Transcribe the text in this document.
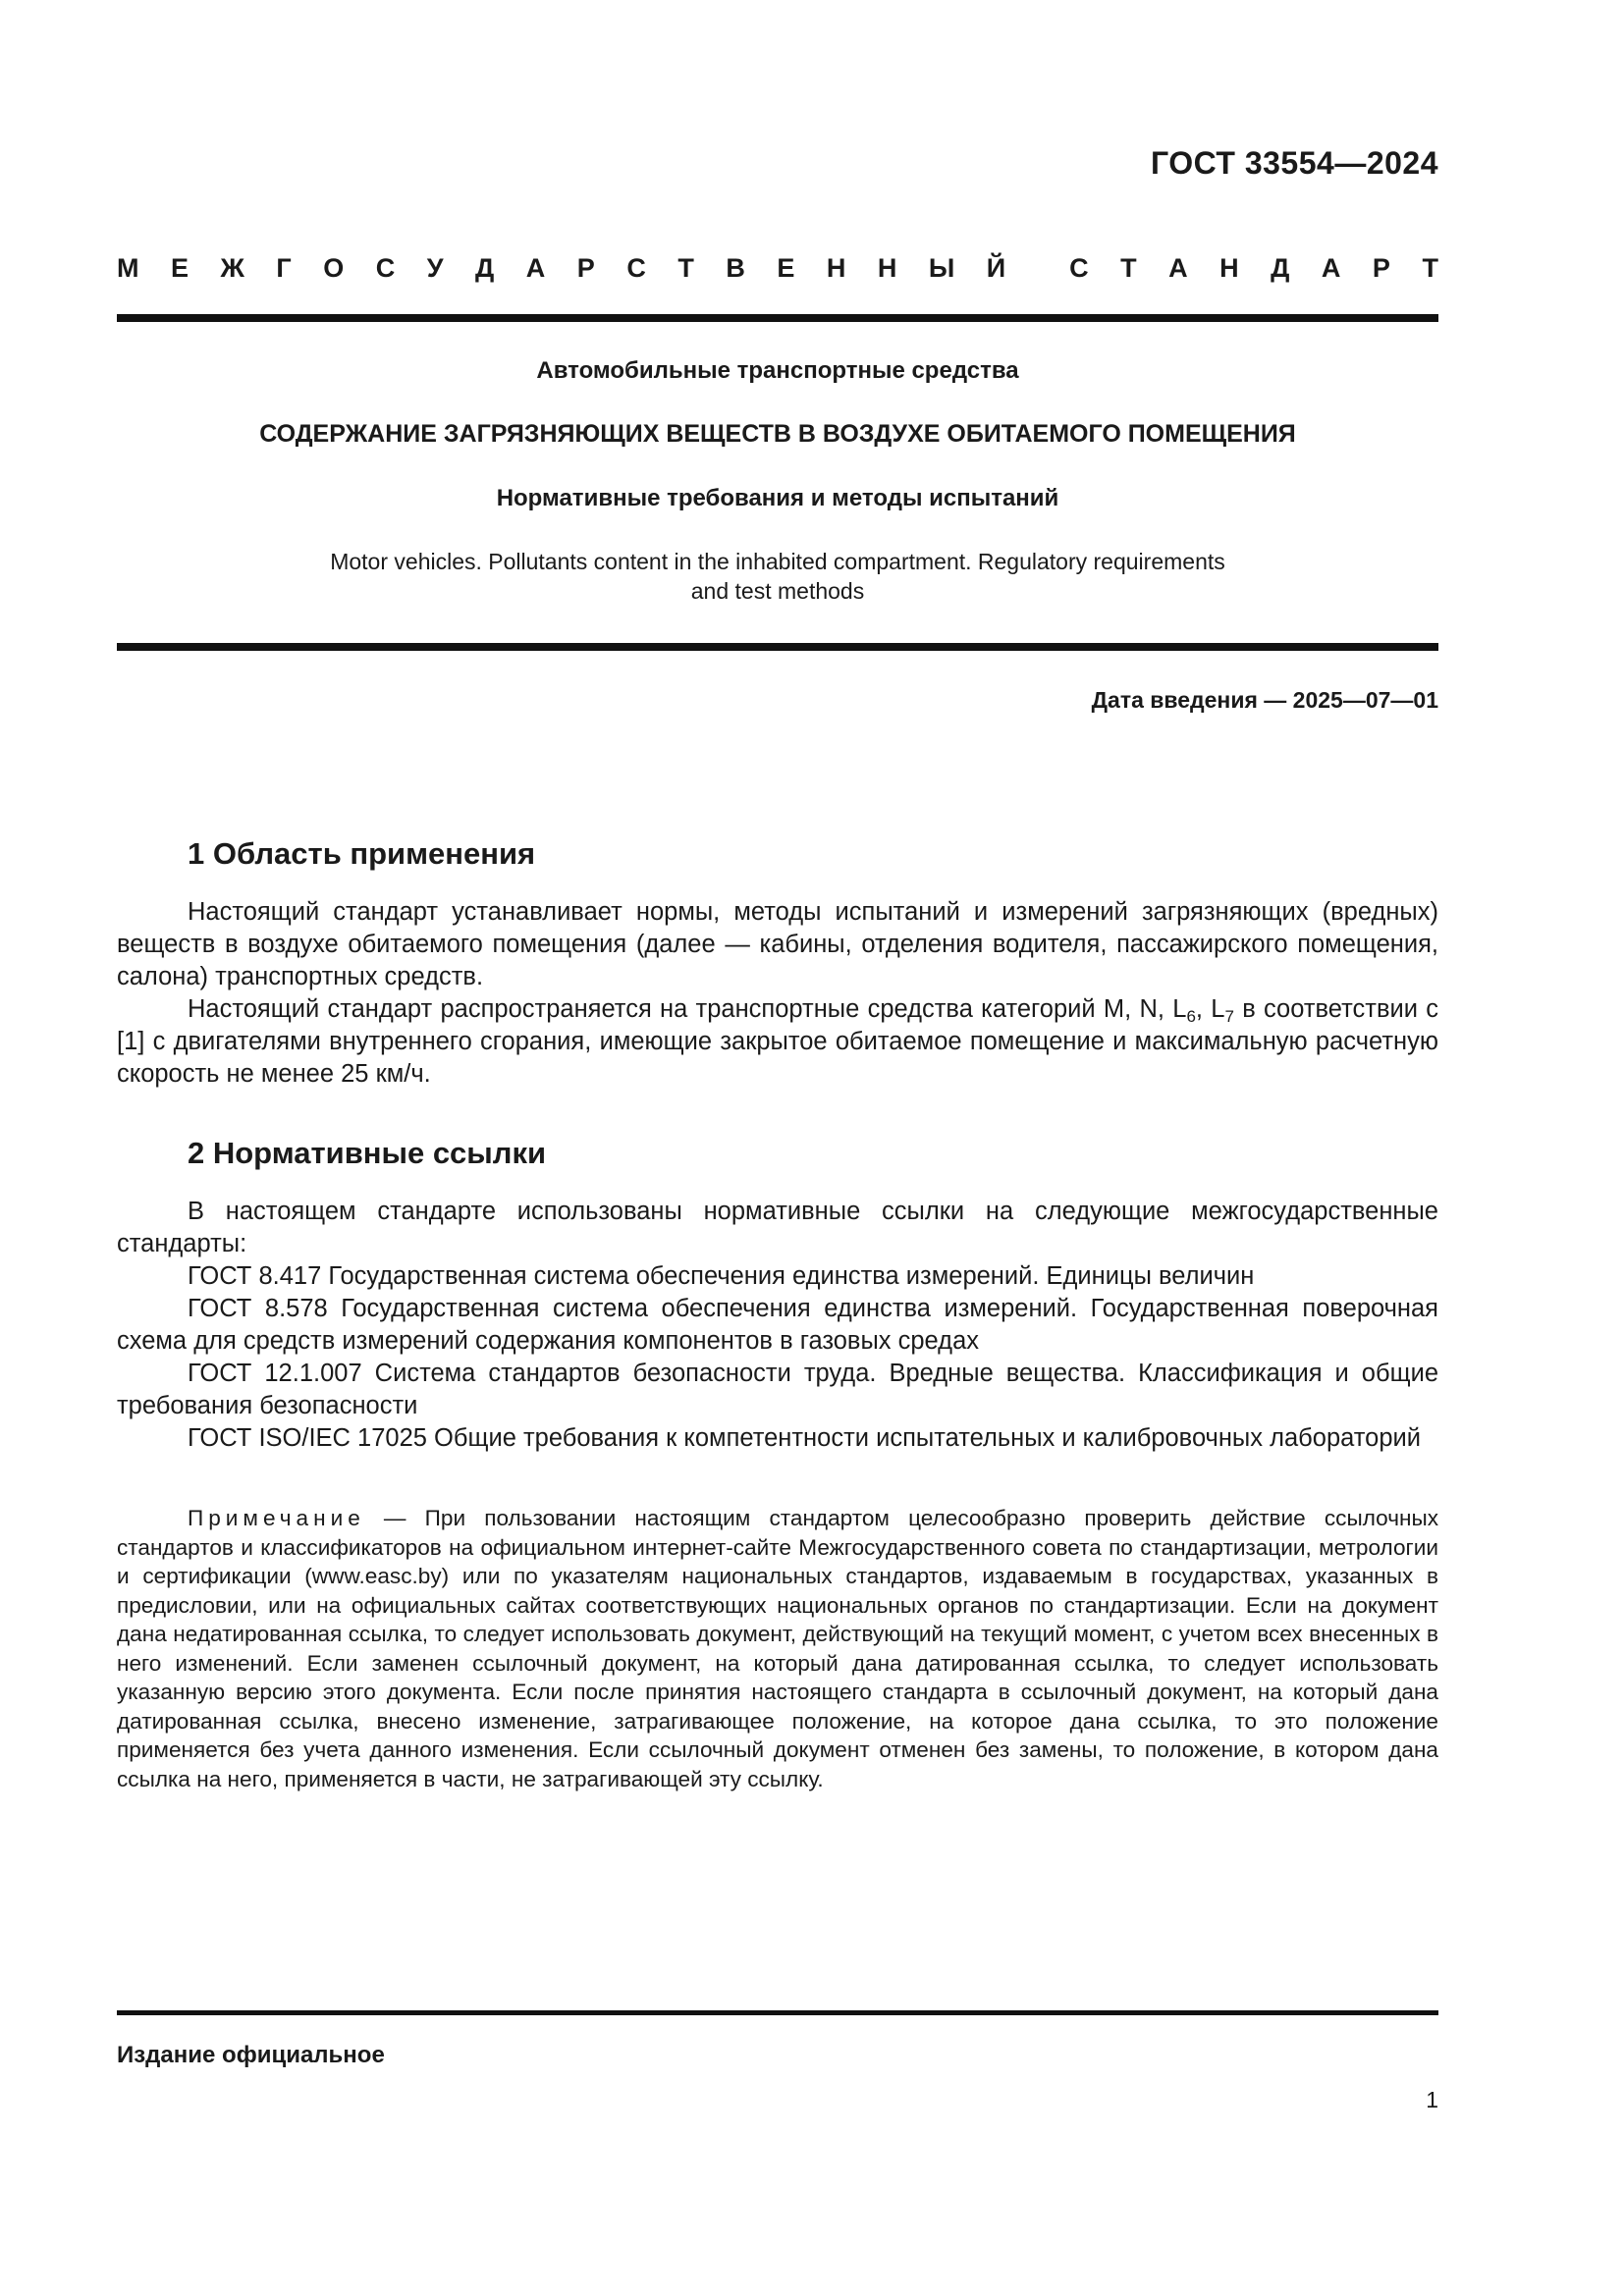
ГОСТ 33554—2024
М Е Ж Г О С У Д А Р С Т В Е Н Н Ы Й С Т А Н Д А Р Т
Автомобильные транспортные средства
СОДЕРЖАНИЕ ЗАГРЯЗНЯЮЩИХ ВЕЩЕСТВ В ВОЗДУХЕ ОБИТАЕМОГО ПОМЕЩЕНИЯ
Нормативные требования и методы испытаний
Motor vehicles. Pollutants content in the inhabited compartment. Regulatory requirements
and test methods
Дата введения — 2025—07—01
1 Область применения

Настоящий стандарт устанавливает нормы, методы испытаний и измерений загрязняющих (вредных) веществ в воздухе обитаемого помещения (далее — кабины, отделения водителя, пассажирского помещения, салона) транспортных средств.

Настоящий стандарт распространяется на транспортные средства категорий M, N, $L_6$, $L_7$ в соответствии с [1] с двигателями внутреннего сгорания, имеющие закрытое обитаемое помещение и максимальную расчетную скорость не менее 25 км/ч.

2 Нормативные ссылки

В настоящем стандарте использованы нормативные ссылки на следующие межгосударственные стандарты:

ГОСТ 8.417 Государственная система обеспечения единства измерений. Единицы величин

ГОСТ 8.578 Государственная система обеспечения единства измерений. Государственная поверочная схема для средств измерений содержания компонентов в газовых средах

ГОСТ 12.1.007 Система стандартов безопасности труда. Вредные вещества. Классификация и общие требования безопасности

ГОСТ ISO/IEC 17025 Общие требования к компетентности испытательных и калибровочных лабораторий

Примечание — При пользовании настоящим стандартом целесообразно проверить действие ссылочных стандартов и классификаторов на официальном интернет-сайте Межгосударственного совета по стандартизации, метрологии и сертификации (www.easc.by) или по указателям национальных стандартов, издаваемым в государствах, указанных в предисловии, или на официальных сайтах соответствующих национальных органов по стандартизации. Если на документ дана недатированная ссылка, то следует использовать документ, действующий на текущий момент, с учетом всех внесенных в него изменений. Если заменен ссылочный документ, на который дана датированная ссылка, то следует использовать указанную версию этого документа. Если после принятия настоящего стандарта в ссылочный документ, на который дана датированная ссылка, внесено изменение, затрагивающее положение, на которое дана ссылка, то это положение применяется без учета данного изменения. Если ссылочный документ отменен без замены, то положение, в котором дана ссылка на него, применяется в части, не затрагивающей эту ссылку.

Издание официальное
1
